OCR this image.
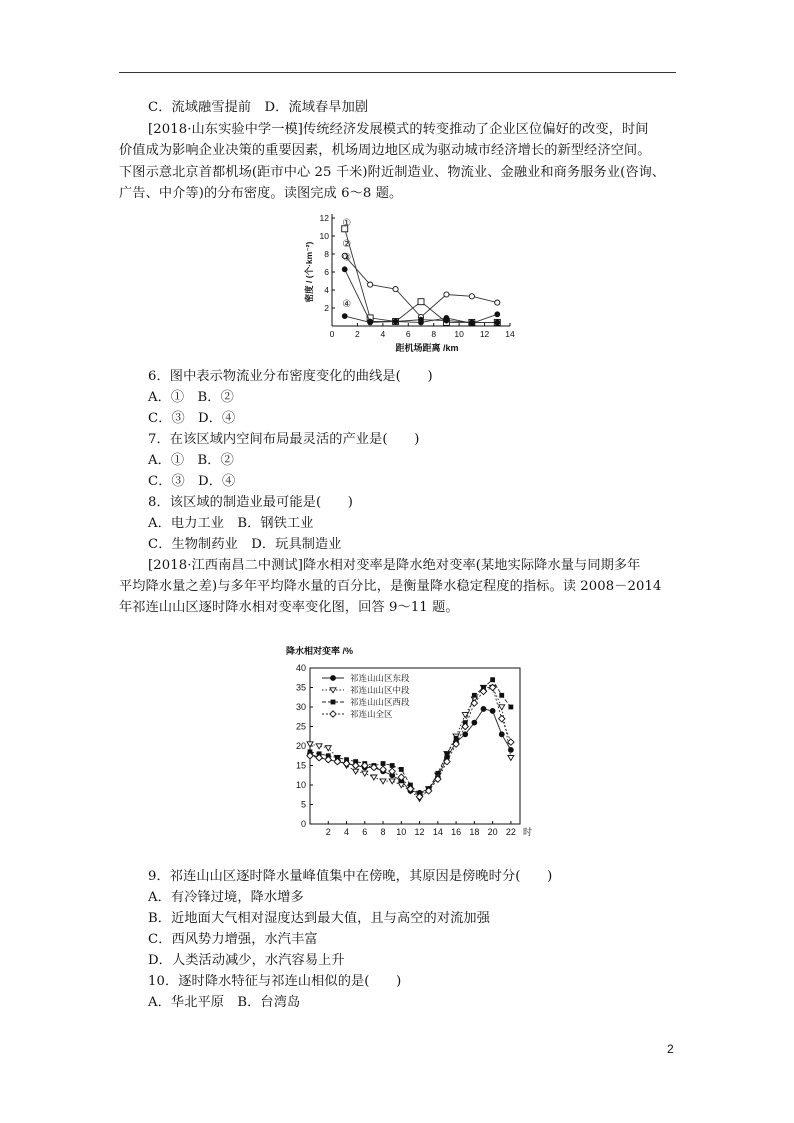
C．流域融雪提前　D．流域春旱加剧
[2018·山东实验中学一模]传统经济发展模式的转变推动了企业区位偏好的改变，时间
价值成为影响企业决策的重要因素，机场周边地区成为驱动城市经济增长的新型经济空间。
下图示意北京首都机场(距市中心 25 千米)附近制造业、物流业、金融业和商务服务业(咨询、
广告、中介等)的分布密度。读图完成 6～8 题。
0 2 4 6 8 10 12 14
2
4
6
8
10
12
距机场距离 /km
密度 / (个·km⁻²)
①
②
③
④
6．图中表示物流业分布密度变化的曲线是(　　)
A．①　B．②
C．③　D．④
7．在该区域内空间布局最灵活的产业是(　　)
A．①　B．②
C．③　D．④
8．该区域的制造业最可能是(　　)
A．电力工业　B．钢铁工业
C．生物制药业　D．玩具制造业
[2018·江西南昌二中测试]降水相对变率是降水绝对变率(某地实际降水量与同期多年
平均降水量之差)与多年平均降水量的百分比，是衡量降水稳定程度的指标。读 2008－2014
年祁连山山区逐时降水相对变率变化图，回答 9～11 题。
降水相对变率 /%
0
5
10
15
20
25
30
35
40
2 4 6 8 10 12 14 16 18 20 22 时
祁连山山区东段
祁连山山区中段
祁连山山区西段
祁连山全区
9．祁连山山区逐时降水量峰值集中在傍晚，其原因是傍晚时分(　　)
A．有冷锋过境，降水增多
B．近地面大气相对湿度达到最大值，且与高空的对流加强
C．西风势力增强，水汽丰富
D．人类活动减少，水汽容易上升
10．逐时降水特征与祁连山相似的是(　　)
A．华北平原　B．台湾岛
2
